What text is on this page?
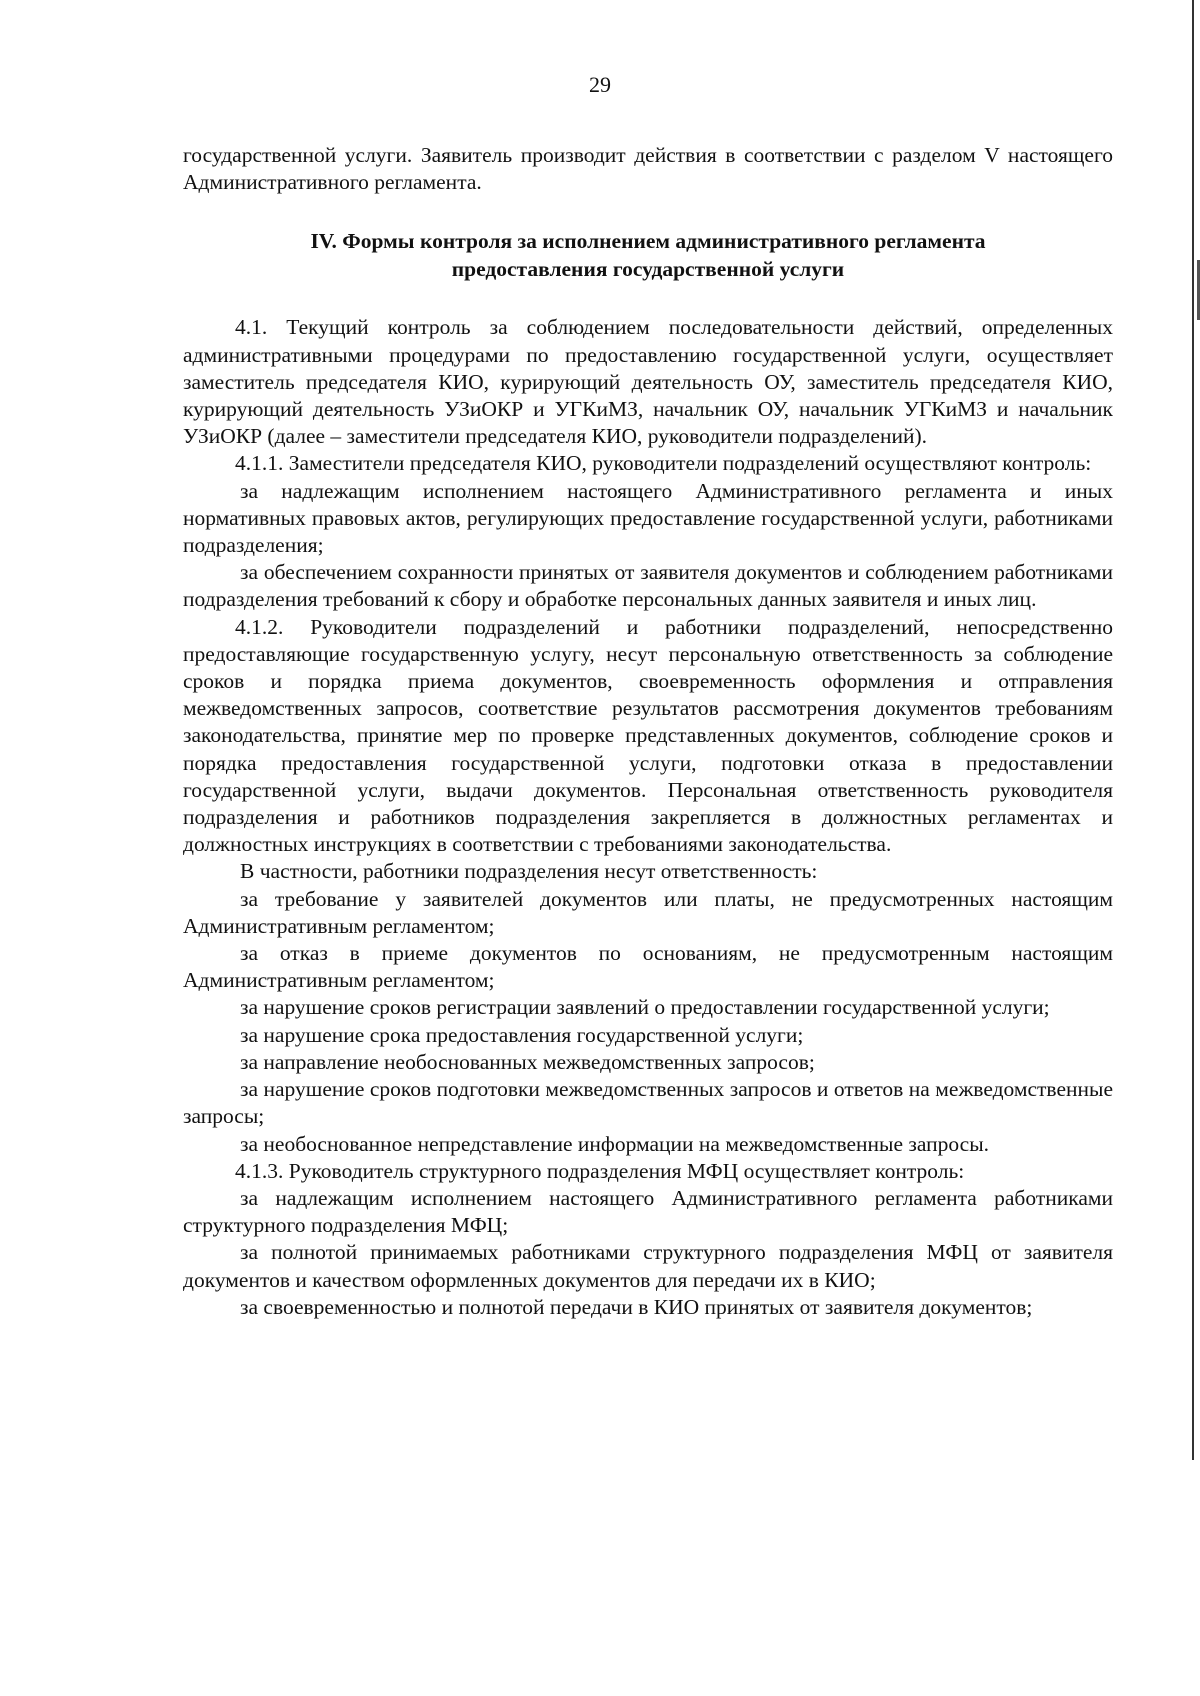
29

государственной услуги. Заявитель производит действия в соответствии с разделом V настоящего Административного регламента.

IV. Формы контроля за исполнением административного регламента
предоставления государственной услуги

4.1. Текущий контроль за соблюдением последовательности действий, определенных административными процедурами по предоставлению государственной услуги, осуществляет заместитель председателя КИО, курирующий деятельность ОУ, заместитель председателя КИО, курирующий деятельность УЗиОКР и УГКиМЗ, начальник ОУ, начальник УГКиМЗ и начальник УЗиОКР (далее – заместители председателя КИО, руководители подразделений).

4.1.1. Заместители председателя КИО, руководители подразделений осуществляют контроль:

за надлежащим исполнением настоящего Административного регламента и иных нормативных правовых актов, регулирующих предоставление государственной услуги, работниками подразделения;

за обеспечением сохранности принятых от заявителя документов и соблюдением работниками подразделения требований к сбору и обработке персональных данных заявителя и иных лиц.

4.1.2. Руководители подразделений и работники подразделений, непосредственно предоставляющие государственную услугу, несут персональную ответственность за соблюдение сроков и порядка приема документов, своевременность оформления и отправления межведомственных запросов, соответствие результатов рассмотрения документов требованиям законодательства, принятие мер по проверке представленных документов, соблюдение сроков и порядка предоставления государственной услуги, подготовки отказа в предоставлении государственной услуги, выдачи документов. Персональная ответственность руководителя подразделения и работников подразделения закрепляется в должностных регламентах и должностных инструкциях в соответствии с требованиями законодательства.

В частности, работники подразделения несут ответственность:

за требование у заявителей документов или платы, не предусмотренных настоящим Административным регламентом;

за отказ в приеме документов по основаниям, не предусмотренным настоящим Административным регламентом;

за нарушение сроков регистрации заявлений о предоставлении государственной услуги;

за нарушение срока предоставления государственной услуги;

за направление необоснованных межведомственных запросов;

за нарушение сроков подготовки межведомственных запросов и ответов на межведомственные запросы;

за необоснованное непредставление информации на межведомственные запросы.

4.1.3. Руководитель структурного подразделения МФЦ осуществляет контроль:

за надлежащим исполнением настоящего Административного регламента работниками структурного подразделения МФЦ;

за полнотой принимаемых работниками структурного подразделения МФЦ от заявителя документов и качеством оформленных документов для передачи их в КИО;

за своевременностью и полнотой передачи в КИО принятых от заявителя документов;
